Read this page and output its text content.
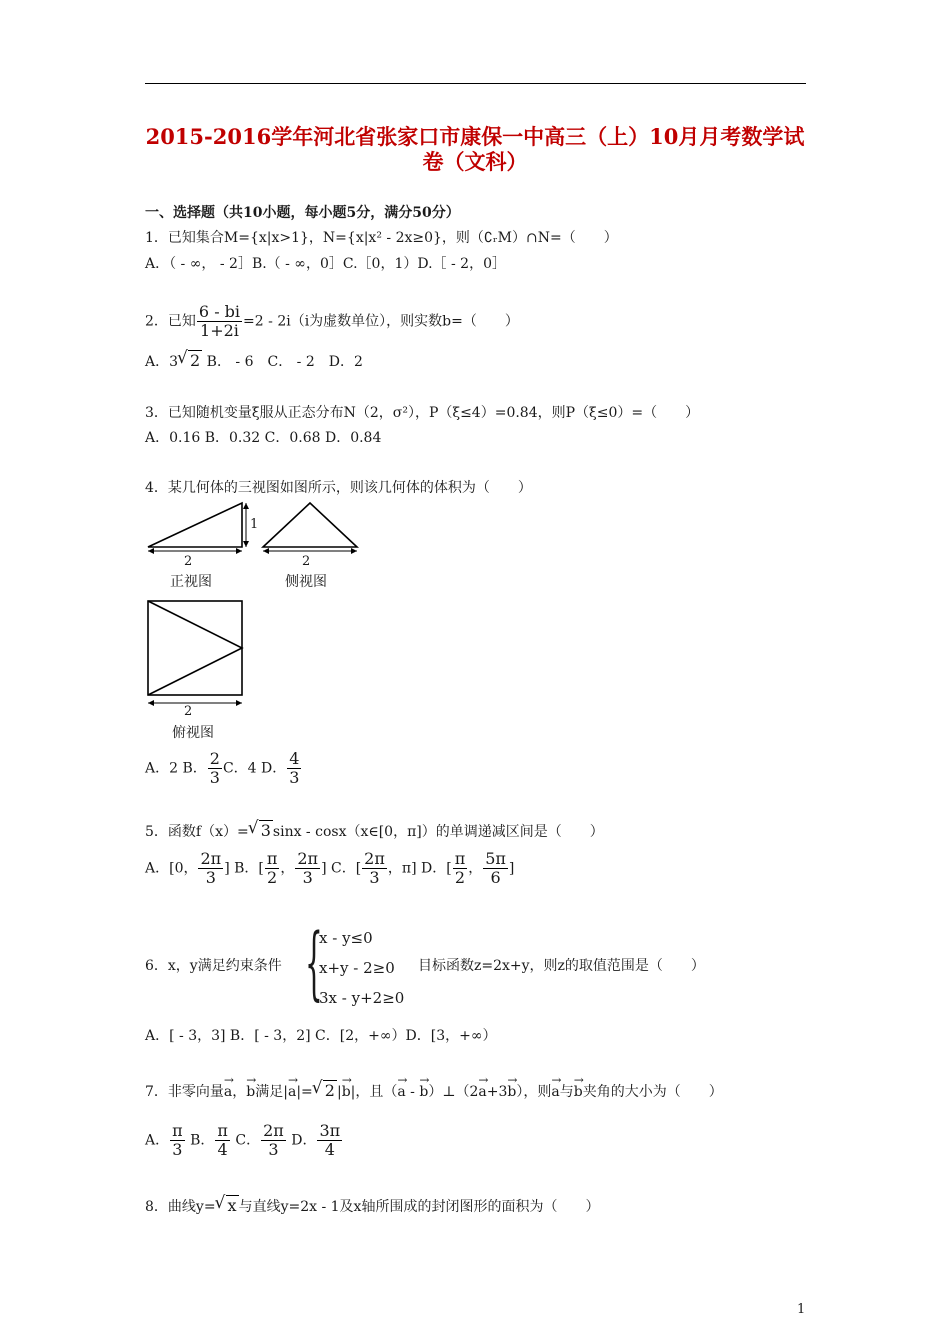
2015-2016学年河北省张家口市康保一中高三（上）10月月考数学试
卷（文科）
一、选择题（共10小题，每小题5分，满分50分）
1．已知集合M={x|x>1}，N={x|x² - 2x≥0}，则（∁ᵣM）∩N=（　　）
A．（ - ∞， - 2］B.（ - ∞，0］C.［0，1）D.［ - 2，0］
2．已知 $\frac{6 - bi}{1+2i} =2 - 2i(i$为虚数单位），则实数b=（　　）
A．3 √ 2 B． - 6　C． - 2　D．2
3．已知随机变量ξ服从正态分布N（2，σ²），P（ξ≤4）=0.84，则P（ξ≤0）=（　　）
A．0.16 B．0.32 C．0.68 D．0.84
4．某几何体的三视图如图所示，则该几何体的体积为（　　）
2
1
2
2
正视图	侧视图
俯视图
A．2 B． $\frac{2}{3}$ C．4 D． $\frac{4}{3}$
5．函数f（x）= √ 3 sinx - cosx（x∈[0，π]）的单调递减区间是（　　）
A．[0， $\frac{2\pi}{3}$ ] B．[ $\frac{\pi}{2}$ ， $\frac{2\pi}{3}$ ] C．[ $\frac{2\pi}{3}$ ，π] D．[ $\frac{\pi}{2}$ ， $\frac{5\pi}{6}$ ]
6．x，y满足约束条件 {
x - y≤0
x+y - 2≥0
3x - y+2≥0
目标函数z=2x+y，则z的取值范围是（　　）
A．[ - 3，3] B．[ - 3，2] C．[2，+∞）D．[3，+∞）
7．非零向量→ a，→ b满足|→ a|= √ 2 |→ b|，且（→ a - → b）⊥（2→ a+3→ b），则→ a与→ b夹角的大小为（　　）
A． $\frac{\pi}{3}$ B． $\frac{\pi}{4}$ C． $\frac{2\pi}{3}$ D． $\frac{3\pi}{4}$
8．曲线y= √ x 与直线y=2x - 1及x轴所围成的封闭图形的面积为（　　）
1
